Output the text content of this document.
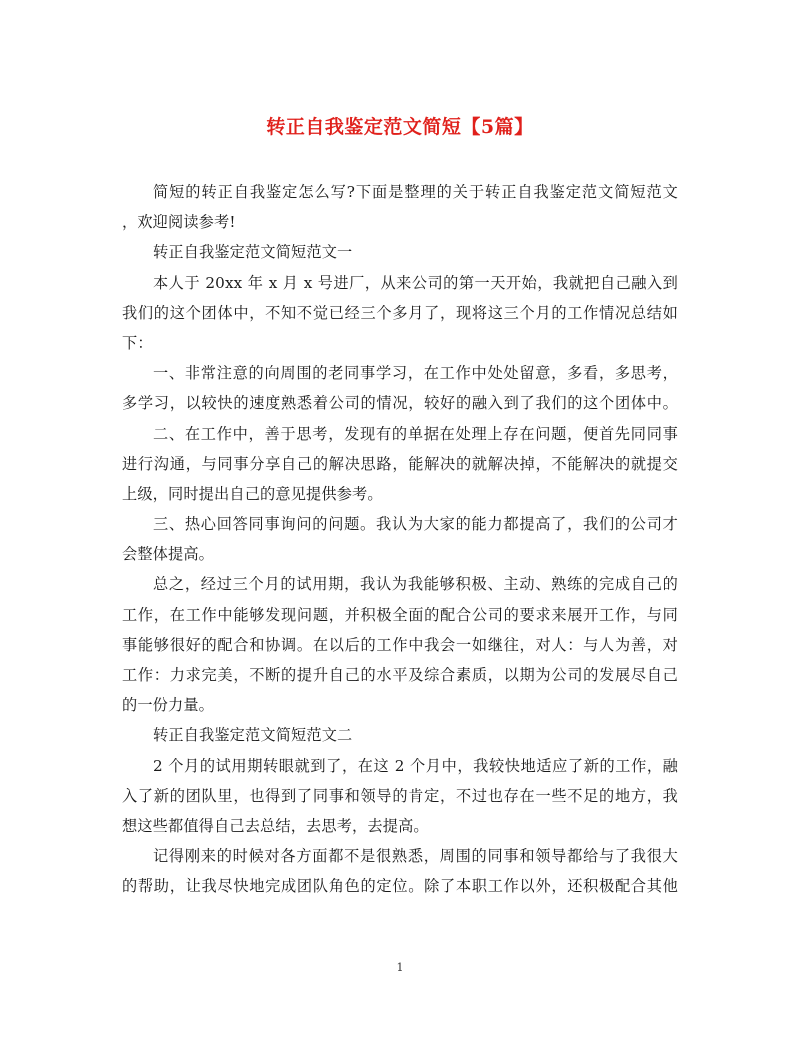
转正自我鉴定范文简短【5篇】
简短的转正自我鉴定怎么写?下面是整理的关于转正自我鉴定范文简短范文
，欢迎阅读参考!
转正自我鉴定范文简短范文一
本人于 20xx 年 x 月 x 号进厂，从来公司的第一天开始，我就把自己融入到
我们的这个团体中，不知不觉已经三个多月了，现将这三个月的工作情况总结如
下：
一、非常注意的向周围的老同事学习，在工作中处处留意，多看，多思考，
多学习，以较快的速度熟悉着公司的情况，较好的融入到了我们的这个团体中。
二、在工作中，善于思考，发现有的单据在处理上存在问题，便首先同同事
进行沟通，与同事分享自己的解决思路，能解决的就解决掉，不能解决的就提交
上级，同时提出自己的意见提供参考。
三、热心回答同事询问的问题。我认为大家的能力都提高了，我们的公司才
会整体提高。
总之，经过三个月的试用期，我认为我能够积极、主动、熟练的完成自己的
工作，在工作中能够发现问题，并积极全面的配合公司的要求来展开工作，与同
事能够很好的配合和协调。在以后的工作中我会一如继往，对人：与人为善，对
工作：力求完美，不断的提升自己的水平及综合素质，以期为公司的发展尽自己
的一份力量。
转正自我鉴定范文简短范文二
2 个月的试用期转眼就到了，在这 2 个月中，我较快地适应了新的工作，融
入了新的团队里，也得到了同事和领导的肯定，不过也存在一些不足的地方，我
想这些都值得自己去总结，去思考，去提高。
记得刚来的时候对各方面都不是很熟悉，周围的同事和领导都给与了我很大
的帮助，让我尽快地完成团队角色的定位。除了本职工作以外，还积极配合其他
1
